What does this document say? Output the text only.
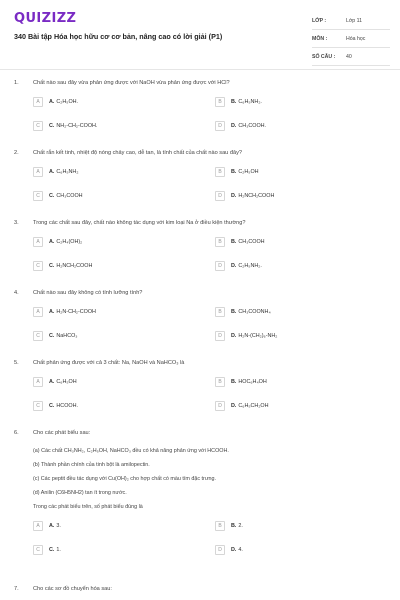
QUIZIZZ
340 Bài tập Hóa học hữu cơ cơ bản, nâng cao có lời giải (P1)
LỚP :	Lớp 11
MÔN :	Hóa học
SỐ CÂU :	40
1.	Chất nào sau đây vừa phản ứng được với NaOH vừa phản ứng được với HCl?
A	A. C₂H₅OH.	B	B. C₆H₅NH₂.
C	C. NH₂-CH₂-COOH.	D	D. CH₃COOH.
2.	Chất rắn kết tinh, nhiệt độ nóng chảy cao, dễ tan, là tính chất của chất nào sau đây?
A	A. C₆H₅NH₂	B	B. C₂H₅OH
C	C. CH₃COOH	D	D. H₂NCH₂COOH
3.	Trong các chất sau đây, chất nào không tác dụng với kim loại Na ở điều kiện thường?
A	A. C₂H₄(OH)₂	B	B. CH₃COOH
C	C. H₂NCH₂COOH	D	D. C₂H₅NH₂.
4.	Chất nào sau đây không có tính lưỡng tính?
A	A. H₂N-CH₂-COOH	B	B. CH₃COONH₄
C	C. NaHCO₃	D	D. H₂N-(CH₂)₆-NH₂
5.	Chất phản ứng được với cả 3 chất: Na, NaOH và NaHCO₃ là
A	A. C₆H₅OH	B	B. HOC₆H₄OH
C	C. HCOOH.	D	D. C₆H₅CH₂OH
6.	Cho các phát biểu sau:
(a) Các chất CH₃NH₂, C₂H₅OH, NaHCO₃ đều có khả năng phản ứng với HCOOH.
(b) Thành phần chính của tinh bột là amilopectin.
(c) Các peptit đều tác dụng với Cu(OH)₂ cho hợp chất có màu tím đặc trưng.
(d) Anilin (C6H5NH2) tan ít trong nước.
Trong các phát biểu trên, số phát biểu đúng là
A	A. 3.	B	B. 2.
C	C. 1.	D	D. 4.
7.	Cho các sơ đồ chuyển hóa sau:
